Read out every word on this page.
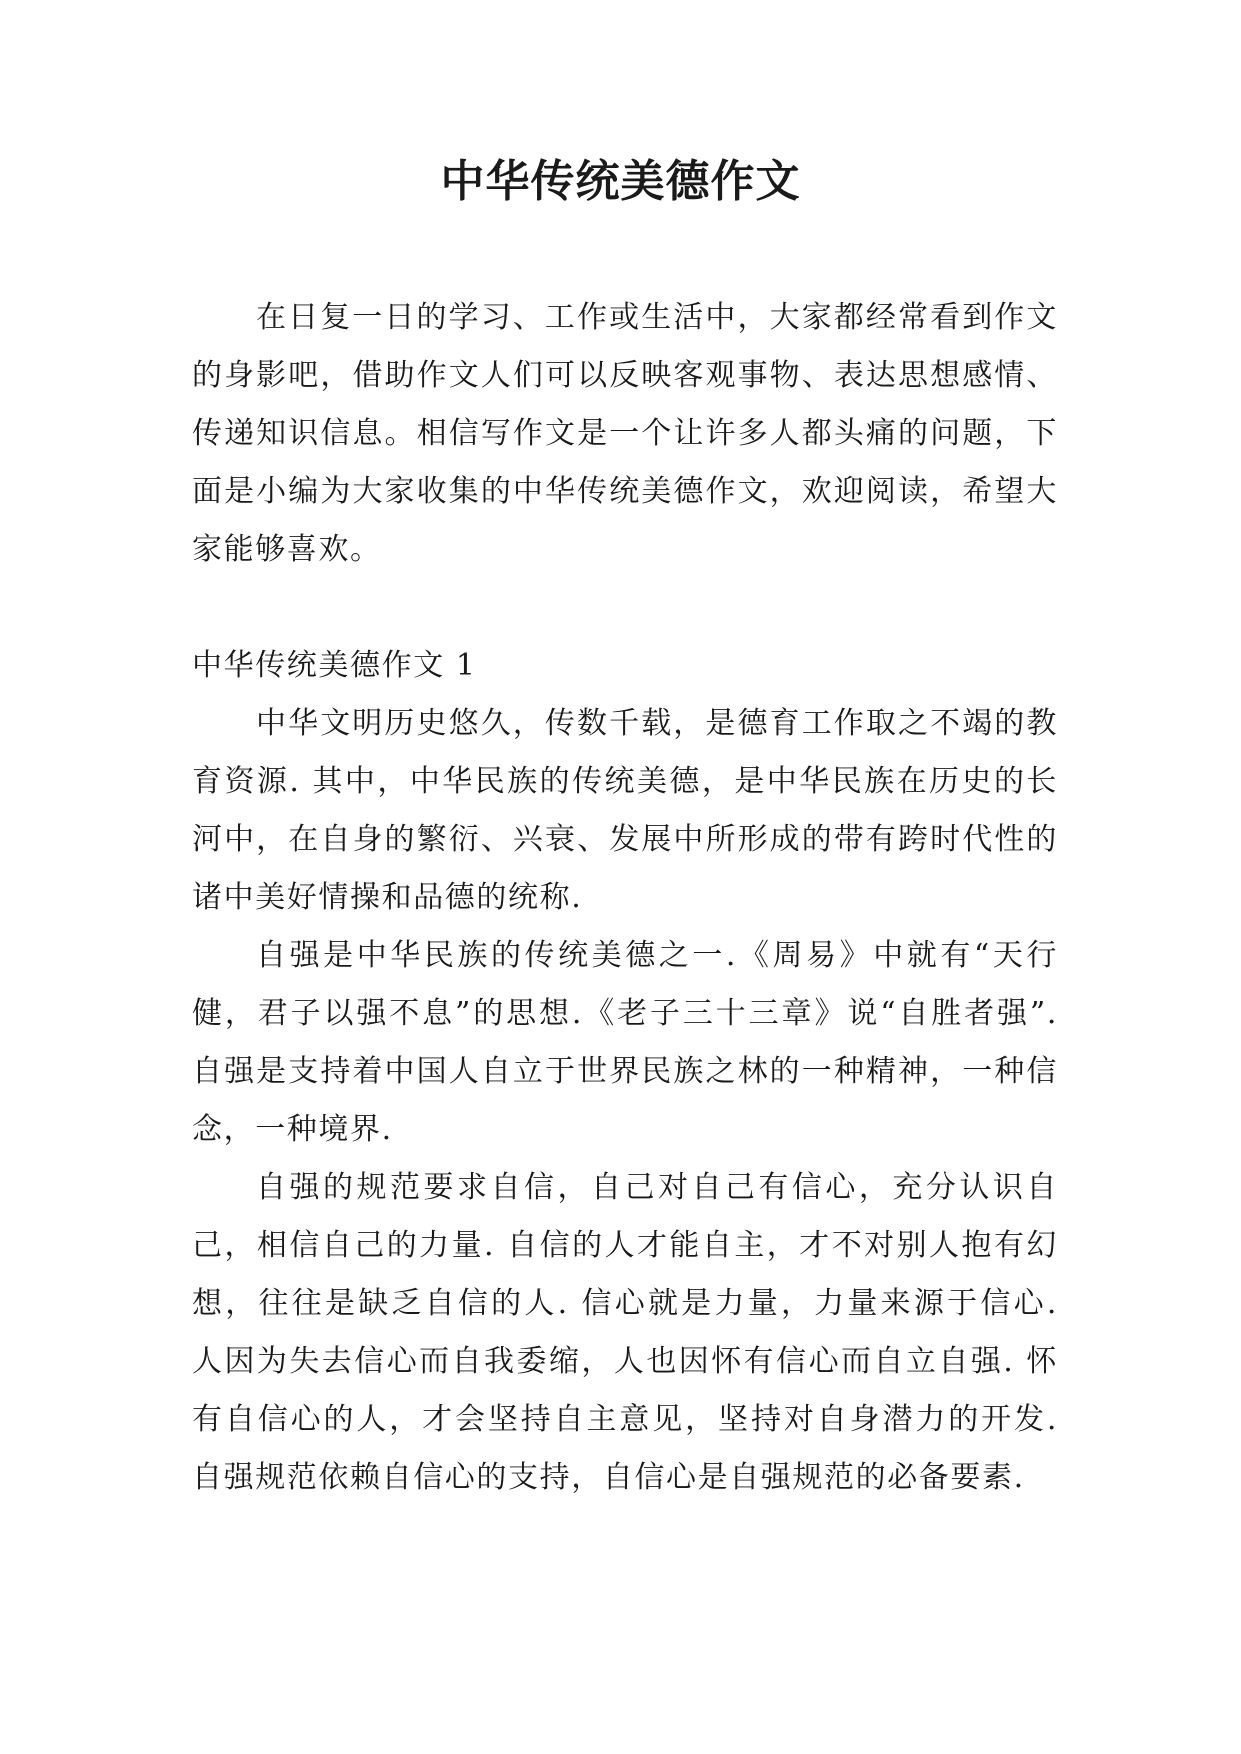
中华传统美德作文

在日复一日的学习、工作或生活中，大家都经常看到作文的身影吧，借助作文人们可以反映客观事物、表达思想感情、传递知识信息。相信写作文是一个让许多人都头痛的问题，下面是小编为大家收集的中华传统美德作文，欢迎阅读，希望大家能够喜欢。

中华传统美德作文 1

中华文明历史悠久，传数千载，是德育工作取之不竭的教育资源. 其中，中华民族的传统美德，是中华民族在历史的长河中，在自身的繁衍、兴衰、发展中所形成的带有跨时代性的诸中美好情操和品德的统称.

自强是中华民族的传统美德之一.《周易》中就有“天行健，君子以强不息”的思想.《老子三十三章》说“自胜者强”. 自强是支持着中国人自立于世界民族之林的一种精神，一种信念，一种境界.

自强的规范要求自信，自己对自己有信心，充分认识自己，相信自己的力量. 自信的人才能自主，才不对别人抱有幻想，往往是缺乏自信的人. 信心就是力量，力量来源于信心. 人因为失去信心而自我委缩，人也因怀有信心而自立自强. 怀有自信心的人，才会坚持自主意见，坚持对自身潜力的开发. 自强规范依赖自信心的支持，自信心是自强规范的必备要素.
